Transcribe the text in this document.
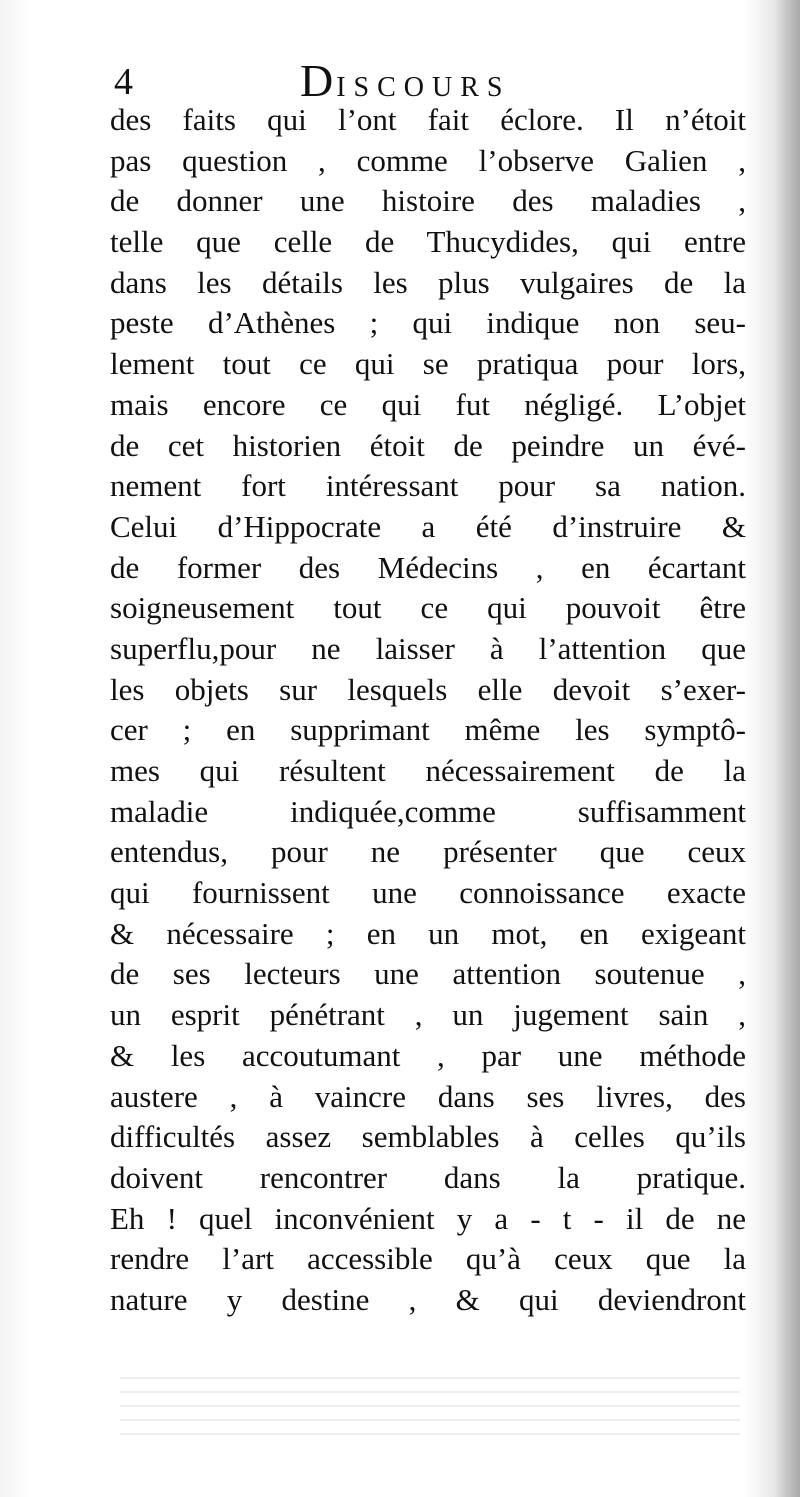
4	DISCOURS
des faits qui l’ont fait éclore. Il n’étoit
pas question , comme l’observe Galien ,
de donner une histoire des maladies ,
telle que celle de Thucydides, qui entre
dans les détails les plus vulgaires de la
peste d’Athènes ; qui indique non seu-
lement tout ce qui se pratiqua pour lors,
mais encore ce qui fut négligé. L’objet
de cet historien étoit de peindre un évé-
nement fort intéressant pour sa nation.
Celui d’Hippocrate a été d’instruire &
de former des Médecins , en écartant
soigneusement tout ce qui pouvoit être
superflu,pour ne laisser à l’attention que
les objets sur lesquels elle devoit s’exer-
cer ; en supprimant même les symptô-
mes qui résultent nécessairement de la
maladie indiquée,comme suffisamment
entendus, pour ne présenter que ceux
qui fournissent une connoissance exacte
& nécessaire ; en un mot, en exigeant
de ses lecteurs une attention soutenue ,
un esprit pénétrant , un jugement sain ,
& les accoutumant , par une méthode
austere , à vaincre dans ses livres, des
difficultés assez semblables à celles qu’ils
doivent rencontrer dans la pratique.
Eh ! quel inconvénient y a - t - il de ne
rendre l’art accessible qu’à ceux que la
nature y destine , & qui deviendront
